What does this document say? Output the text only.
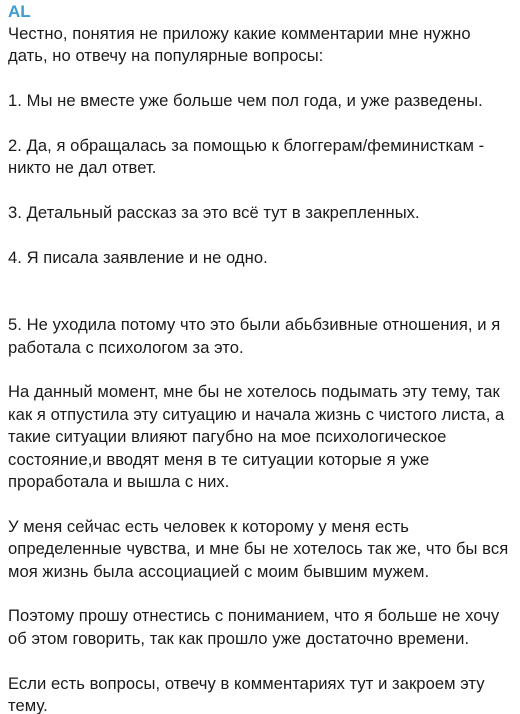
AL

Честно, понятия не приложу какие комментарии мне нужно
дать, но отвечу на популярные вопросы:

1. Мы не вместе уже больше чем пол года, и уже разведены.

2. Да, я обращалась за помощью к блоггерам/феминисткам -
никто не дал ответ.

3. Детальный рассказ за это всё тут в закрепленных.

4. Я писала заявление и не одно.

5. Не уходила потому что это были абьбзивные отношения, и я
работала с психологом за это.

На данный момент, мне бы не хотелось подымать эту тему, так
как я отпустила эту ситуацию и начала жизнь с чистого листа, а
такие ситуации влияют пагубно на мое психологическое
состояние,и вводят меня в те ситуации которые я уже
проработала и вышла с них.

У меня сейчас есть человек к которому у меня есть
определенные чувства, и мне бы не хотелось так же, что бы вся
моя жизнь была ассоциацией с моим бывшим мужем.

Поэтому прошу отнестись с пониманием, что я больше не хочу
об этом говорить, так как прошло уже достаточно времени.

Если есть вопросы, отвечу в комментариях тут и закроем эту
тему.
